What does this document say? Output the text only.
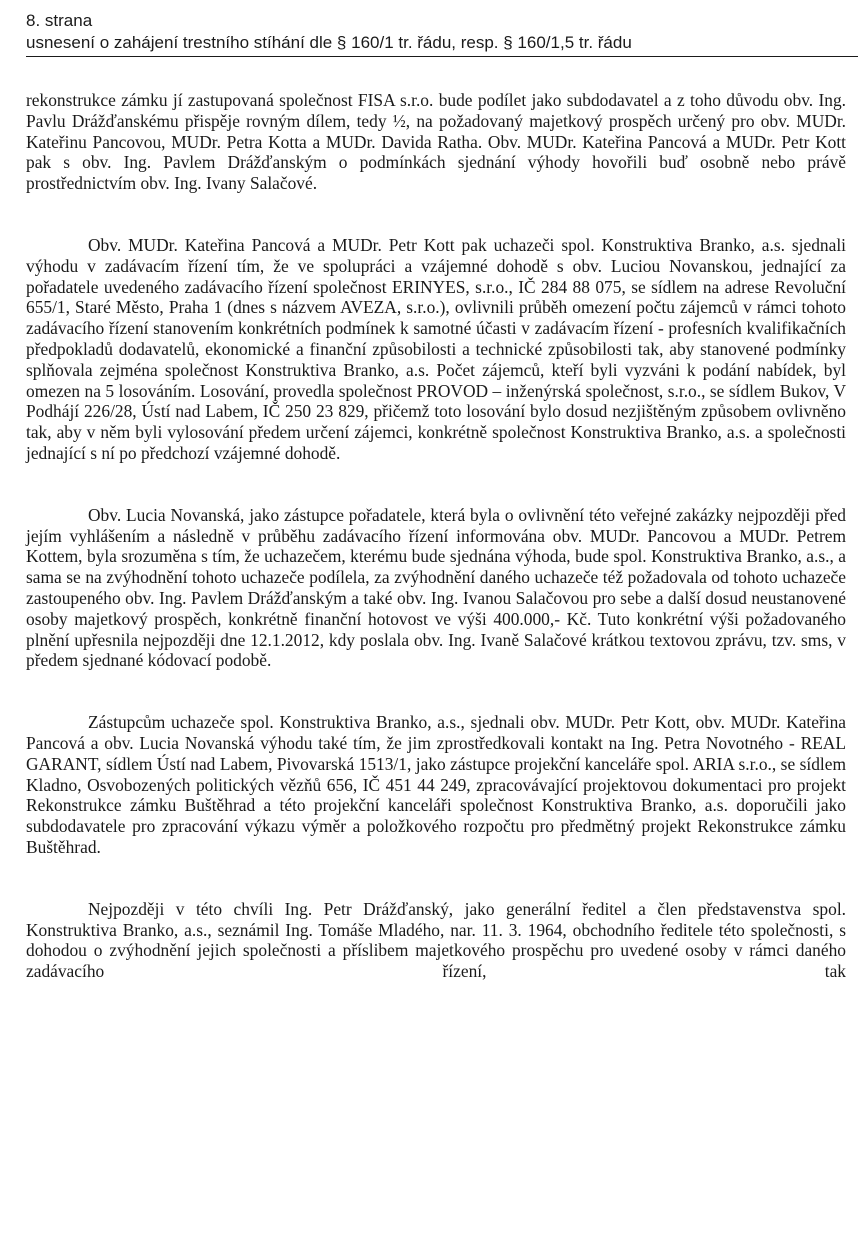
8. strana

usnesení o zahájení trestního stíhání dle § 160/1 tr. řádu, resp. § 160/1,5 tr. řádu

rekonstrukce zámku jí zastupovaná společnost FISA s.r.o. bude podílet jako subdodavatel a z toho důvodu obv. Ing. Pavlu Drážďanskému přispěje rovným dílem, tedy ½, na požadovaný majetkový prospěch určený pro obv. MUDr. Kateřinu Pancovou, MUDr. Petra Kotta a MUDr. Davida Ratha. Obv. MUDr. Kateřina Pancová a MUDr. Petr Kott pak s obv. Ing. Pavlem Drážďanským o podmínkách sjednání výhody hovořili buď osobně nebo právě prostřednictvím obv. Ing. Ivany Salačové.

Obv. MUDr. Kateřina Pancová a MUDr. Petr Kott pak uchazeči spol. Konstruktiva Branko, a.s. sjednali výhodu v zadávacím řízení tím, že ve spolupráci a vzájemné dohodě s obv. Luciou Novanskou, jednající za pořadatele uvedeného zadávacího řízení společnost ERINYES, s.r.o., IČ 284 88 075, se sídlem na adrese Revoluční 655/1, Staré Město, Praha 1 (dnes s názvem AVEZA, s.r.o.), ovlivnili průběh omezení počtu zájemců v rámci tohoto zadávacího řízení stanovením konkrétních podmínek k samotné účasti v zadávacím řízení - profesních kvalifikačních předpokladů dodavatelů, ekonomické a finanční způsobilosti a technické způsobilosti tak, aby stanovené podmínky splňovala zejména společnost Konstruktiva Branko, a.s. Počet zájemců, kteří byli vyzváni k podání nabídek, byl omezen na 5 losováním. Losování, provedla společnost PROVOD – inženýrská společnost, s.r.o., se sídlem Bukov, V Podhájí 226/28, Ústí nad Labem, IČ 250 23 829, přičemž toto losování bylo dosud nezjištěným způsobem ovlivněno tak, aby v něm byli vylosování předem určení zájemci, konkrétně společnost Konstruktiva Branko, a.s. a společnosti jednající s ní po předchozí vzájemné dohodě.

Obv. Lucia Novanská, jako zástupce pořadatele, která byla o ovlivnění této veřejné zakázky nejpozději před jejím vyhlášením a následně v průběhu zadávacího řízení informována obv. MUDr. Pancovou a MUDr. Petrem Kottem, byla srozuměna s tím, že uchazečem, kterému bude sjednána výhoda, bude spol. Konstruktiva Branko, a.s., a sama se na zvýhodnění tohoto uchazeče podílela, za zvýhodnění daného uchazeče též požadovala od tohoto uchazeče zastoupeného obv. Ing. Pavlem Drážďanským a také obv. Ing. Ivanou Salačovou pro sebe a další dosud neustanovené osoby majetkový prospěch, konkrétně finanční hotovost ve výši 400.000,- Kč. Tuto konkrétní výši požadovaného plnění upřesnila nejpozději dne 12.1.2012, kdy poslala obv. Ing. Ivaně Salačové krátkou textovou zprávu, tzv. sms, v předem sjednané kódovací podobě.

Zástupcům uchazeče spol. Konstruktiva Branko, a.s., sjednali obv. MUDr. Petr Kott, obv. MUDr. Kateřina Pancová a obv. Lucia Novanská výhodu také tím, že jim zprostředkovali kontakt na Ing. Petra Novotného - REAL GARANT, sídlem Ústí nad Labem, Pivovarská 1513/1, jako zástupce projekční kanceláře spol. ARIA s.r.o., se sídlem Kladno, Osvobozených politických vězňů 656, IČ 451 44 249, zpracovávající projektovou dokumentaci pro projekt Rekonstrukce zámku Buštěhrad a této projekční kanceláři společnost Konstruktiva Branko, a.s. doporučili jako subdodavatele pro zpracování výkazu výměr a položkového rozpočtu pro předmětný projekt Rekonstrukce zámku Buštěhrad.

Nejpozději v této chvíli Ing. Petr Drážďanský, jako generální ředitel a člen představenstva spol. Konstruktiva Branko, a.s., seznámil Ing. Tomáše Mladého, nar. 11. 3. 1964, obchodního ředitele této společnosti, s dohodou o zvýhodnění jejich společnosti a příslibem majetkového prospěchu pro uvedené osoby v rámci daného zadávacího řízení, tak
